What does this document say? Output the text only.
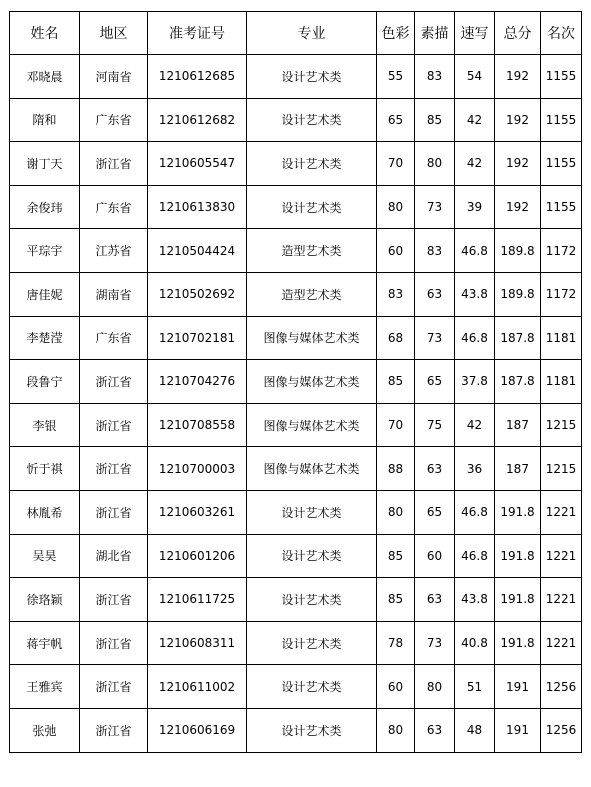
姓名	地区	准考证号	专业	色彩	素描	速写	总分	名次
邓晓晨	河南省	1210612685	设计艺术类	55	83	54	192	1155
隋和	广东省	1210612682	设计艺术类	65	85	42	192	1155
谢丁天	浙江省	1210605547	设计艺术类	70	80	42	192	1155
余俊玮	广东省	1210613830	设计艺术类	80	73	39	192	1155
平琮宇	江苏省	1210504424	造型艺术类	60	83	46.8	189.8	1172
唐佳妮	湖南省	1210502692	造型艺术类	83	63	43.8	189.8	1172
李楚滢	广东省	1210702181	图像与媒体艺术类	68	73	46.8	187.8	1181
段鲁宁	浙江省	1210704276	图像与媒体艺术类	85	65	37.8	187.8	1181
李银	浙江省	1210708558	图像与媒体艺术类	70	75	42	187	1215
忻于祺	浙江省	1210700003	图像与媒体艺术类	88	63	36	187	1215
林胤希	浙江省	1210603261	设计艺术类	80	65	46.8	191.8	1221
吴昊	湖北省	1210601206	设计艺术类	85	60	46.8	191.8	1221
徐珞颖	浙江省	1210611725	设计艺术类	85	63	43.8	191.8	1221
蒋宇帆	浙江省	1210608311	设计艺术类	78	73	40.8	191.8	1221
王雅宾	浙江省	1210611002	设计艺术类	60	80	51	191	1256
张弛	浙江省	1210606169	设计艺术类	80	63	48	191	1256
